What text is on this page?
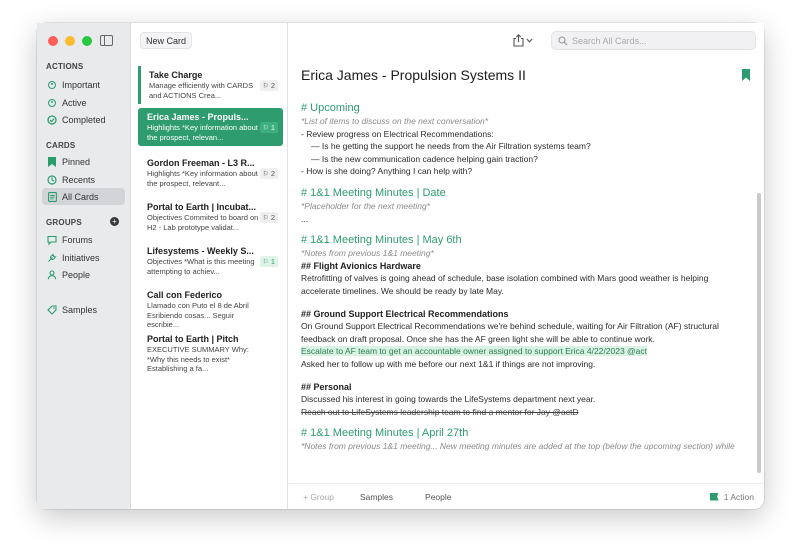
ACTIONS
Important
Active
Completed
CARDS
Pinned
Recents
All Cards
GROUPS	+
Forums
Initiatives
People
Samples
New Card
Take Charge
Manage efficiently with CARDS and ACTIONS Crea...
⚐ 2
Erica James - Propuls...
Highlights *Key information about the prospect, relevan...
⚐ 1
Gordon Freeman - L3 R...
Highlights *Key information about the prospect, relevant...
⚐ 2
Portal to Earth | Incubat...
Objectives Commited to board on H2 - Lab prototype validat...
⚐ 2
Lifesystems - Weekly S...
Objectives *What is this meeting attempting to achiev...
⚐ 1
Call con Federico
Llamado con Puto el 8 de Abril Esribiendo cosas... Seguir escribie...
Portal to Earth | Pitch
EXECUTIVE SUMMARY Why: *Why this needs to exist* Establishing a fa...
Search All Cards...
Erica James - Propulsion Systems II
# Upcoming
*List of items to discuss on the next conversation*
- Review progress on Electrical Recommendations:
— Is he getting the support he needs from the Air Filtration systems team?
— Is the new communication cadence helping gain traction?
- How is she doing? Anything I can help with?
# 1&1 Meeting Minutes | Date
*Placeholder for the next meeting*
...
# 1&1 Meeting Minutes | May 6th
*Notes from previous 1&1 meeting*
## Flight Avionics Hardware
Retrofitting of valves is going ahead of schedule, base isolation combined with Mars good weather is helping
accelerate timelines. We should be ready by late May.
## Ground Support Electrical Recommendations
On Ground Support Electrical Recommendations we're behind schedule, waiting for Air Filtration (AF) structural
feedback on draft proposal. Once she has the AF green light she will be able to continue work.
Escalate to AF team to get an accountable owner assigned to support Erica 4/22/2023 @act
Asked her to follow up with me before our next 1&1 if things are not improving.
## Personal
Discussed his interest in going towards the LifeSystems department next year.
Reach out to LifeSystems leadership team to find a mentor for Jay @actD
# 1&1 Meeting Minutes | April 27th
*Notes from previous 1&1 meeting... New meeting minutes are added at the top (below the upcoming section) while
+ Group	Samples	People	1 Action
